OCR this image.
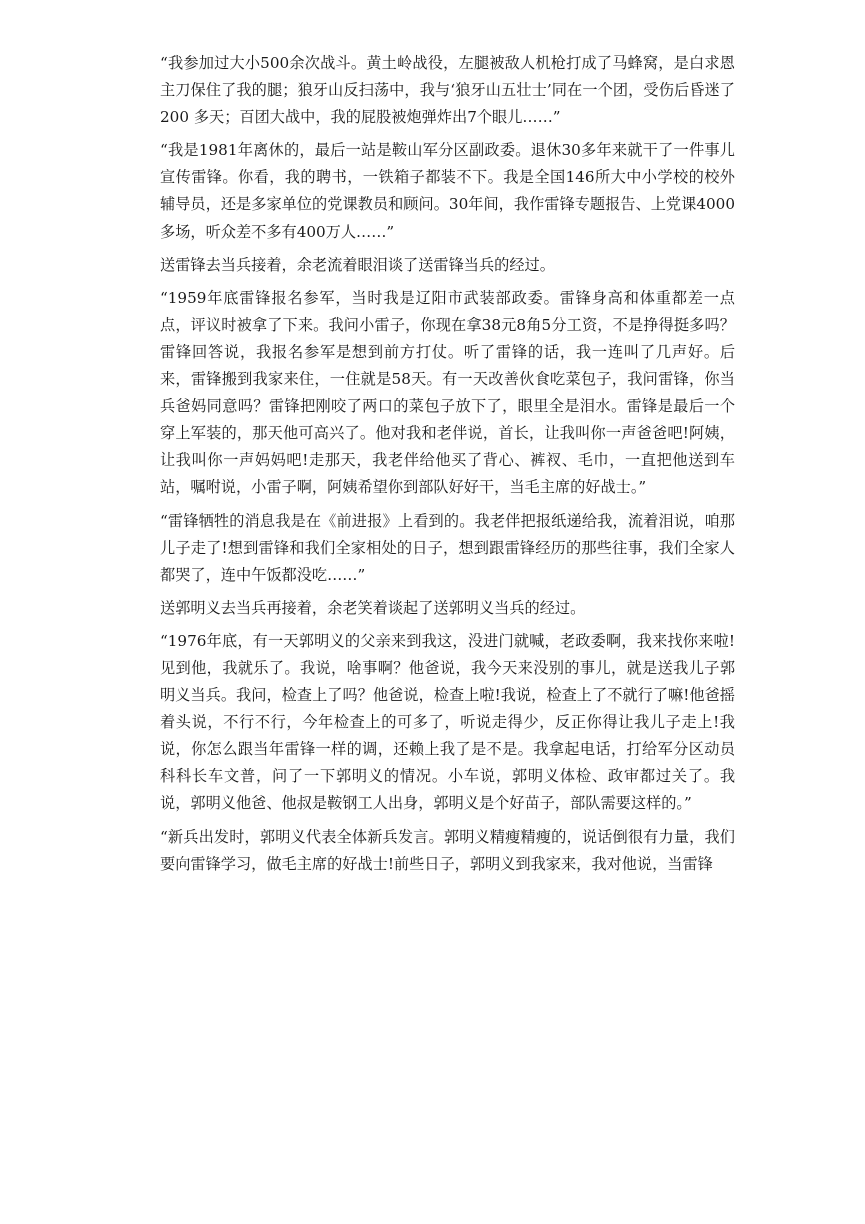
“我参加过大小500余次战斗。黄土岭战役，左腿被敌人机枪打成了马蜂窝，是白求恩主刀保住了我的腿；狼牙山反扫荡中，我与‘狼牙山五壮士’同在一个团，受伤后昏迷了 200 多天；百团大战中，我的屁股被炮弹炸出7个眼儿……”

“我是1981年离休的，最后一站是鞍山军分区副政委。退休30多年来就干了一件事儿宣传雷锋。你看，我的聘书，一铁箱子都装不下。我是全国146所大中小学校的校外辅导员，还是多家单位的党课教员和顾问。30年间，我作雷锋专题报告、上党课4000多场，听众差不多有400万人……”

送雷锋去当兵接着，余老流着眼泪谈了送雷锋当兵的经过。

“1959年底雷锋报名参军，当时我是辽阳市武装部政委。雷锋身高和体重都差一点点，评议时被拿了下来。我问小雷子，你现在拿38元8角5分工资，不是挣得挺多吗？雷锋回答说，我报名参军是想到前方打仗。听了雷锋的话，我一连叫了几声好。后来，雷锋搬到我家来住，一住就是58天。有一天改善伙食吃菜包子，我问雷锋，你当兵爸妈同意吗？雷锋把刚咬了两口的菜包子放下了，眼里全是泪水。雷锋是最后一个穿上军装的，那天他可高兴了。他对我和老伴说，首长，让我叫你一声爸爸吧!阿姨，让我叫你一声妈妈吧!走那天，我老伴给他买了背心、裤衩、毛巾，一直把他送到车站，嘱咐说，小雷子啊，阿姨希望你到部队好好干，当毛主席的好战士。”

“雷锋牺牲的消息我是在《前进报》上看到的。我老伴把报纸递给我，流着泪说，咱那儿子走了!想到雷锋和我们全家相处的日子，想到跟雷锋经历的那些往事，我们全家人都哭了，连中午饭都没吃……”

送郭明义去当兵再接着，余老笑着谈起了送郭明义当兵的经过。

“1976年底，有一天郭明义的父亲来到我这，没进门就喊，老政委啊，我来找你来啦!见到他，我就乐了。我说，啥事啊？他爸说，我今天来没别的事儿，就是送我儿子郭明义当兵。我问，检查上了吗？他爸说，检查上啦!我说，检查上了不就行了嘛!他爸摇着头说，不行不行，今年检查上的可多了，听说走得少，反正你得让我儿子走上!我说，你怎么跟当年雷锋一样的调，还赖上我了是不是。我拿起电话，打给军分区动员科科长车文普，问了一下郭明义的情况。小车说，郭明义体检、政审都过关了。我说，郭明义他爸、他叔是鞍钢工人出身，郭明义是个好苗子，部队需要这样的。”

“新兵出发时，郭明义代表全体新兵发言。郭明义精瘦精瘦的，说话倒很有力量，我们要向雷锋学习，做毛主席的好战士!前些日子，郭明义到我家来，我对他说，当雷锋
